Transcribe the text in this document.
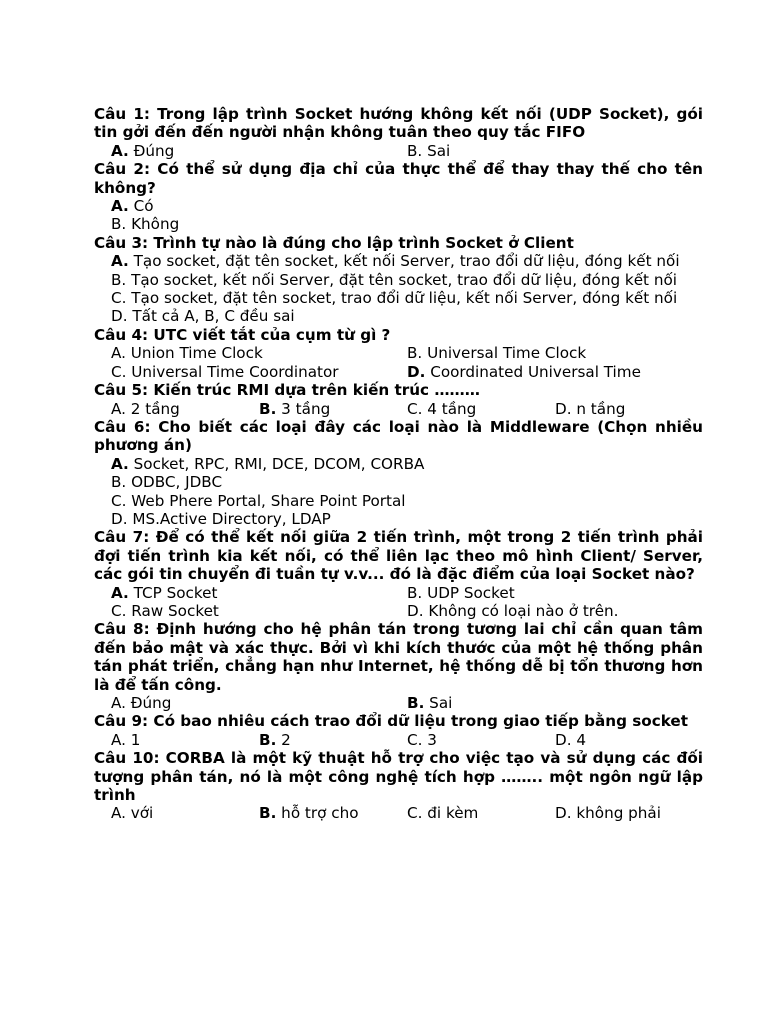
Câu 1: Trong lập trình Socket hướng không kết nối (UDP Socket), gói tin gởi đến đến người nhận không tuân theo quy tắc FIFO
A. Đúng	B. Sai
Câu 2: Có thể sử dụng địa chỉ của thực thể để thay thay thế cho tên không?
A. Có
B. Không
Câu 3: Trình tự nào là đúng cho lập trình Socket ở Client
A. Tạo socket, đặt tên socket, kết nối Server, trao đổi dữ liệu, đóng kết nối
B. Tạo socket, kết nối Server, đặt tên socket, trao đổi dữ liệu, đóng kết nối
C. Tạo socket, đặt tên socket, trao đổi dữ liệu, kết nối Server, đóng kết nối
D. Tất cả A, B, C đều sai
Câu 4: UTC viết tắt của cụm từ gì ?
A. Union Time Clock	B. Universal Time Clock
C. Universal Time Coordinator	D. Coordinated Universal Time
Câu 5: Kiến trúc RMI dựa trên kiến trúc ………
A. 2 tầng	B. 3 tầng	C. 4 tầng	D. n tầng
Câu 6: Cho biết các loại đây các loại nào là Middleware (Chọn nhiều phương án)
A. Socket, RPC, RMI, DCE, DCOM, CORBA
B. ODBC, JDBC
C. Web Phere Portal, Share Point Portal
D. MS.Active Directory, LDAP
Câu 7: Để có thể kết nối giữa 2 tiến trình, một trong 2 tiến trình phải đợi tiến trình kia kết nối, có thể liên lạc theo mô hình Client/ Server, các gói tin chuyển đi tuần tự v.v... đó là đặc điểm của loại Socket nào?
A. TCP Socket	B. UDP Socket
C. Raw Socket	D. Không có loại nào ở trên.
Câu 8: Định hướng cho hệ phân tán trong tương lai chỉ cần quan tâm đến bảo mật và xác thực. Bởi vì khi kích thước của một hệ thống phân tán phát triển, chẳng hạn như Internet, hệ thống dễ bị tổn thương hơn là để tấn công.
A. Đúng	B. Sai
Câu 9: Có bao nhiêu cách trao đổi dữ liệu trong giao tiếp bằng socket
A. 1	B. 2	C. 3	D. 4
Câu 10: CORBA là một kỹ thuật hỗ trợ cho việc tạo và sử dụng các đối tượng phân tán, nó là một công nghệ tích hợp …….. một ngôn ngữ lập trình
A. với	B. hỗ trợ cho	C. đi kèm	D. không phải
